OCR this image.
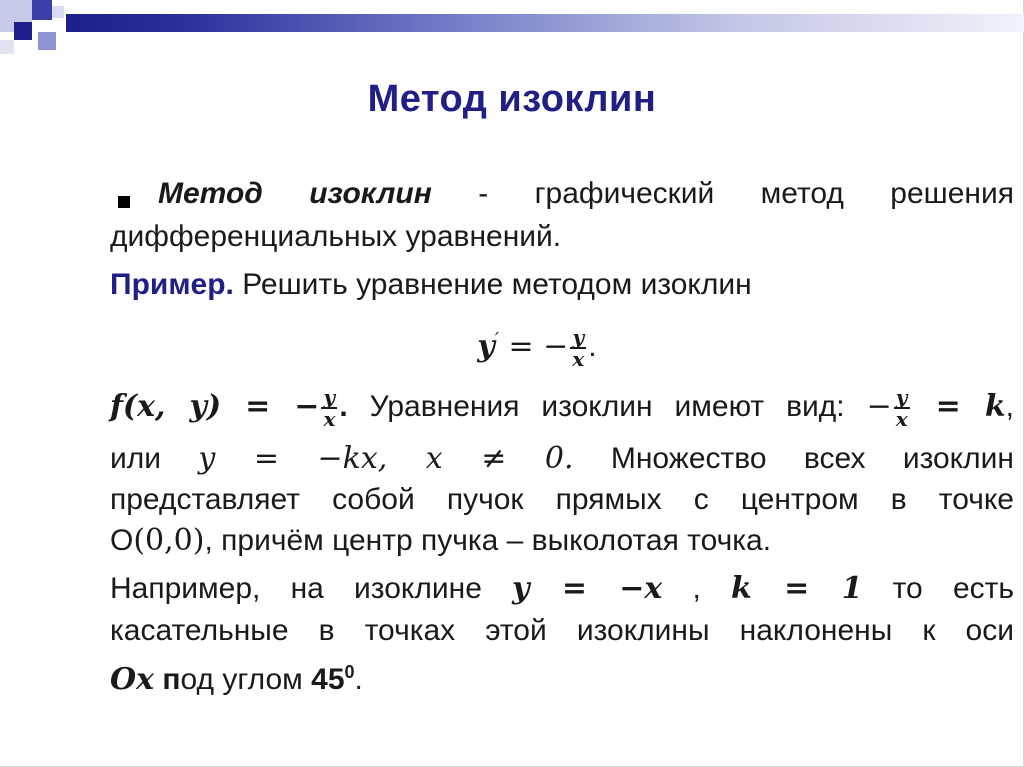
Метод изоклин
Метод изоклин - графический метод решения
дифференциальных уравнений.
Пример. Решить уравнение методом изоклин
y′ = − $\frac{y}{x}$ .
f(x, y) = − $\frac{y}{x}$ . Уравнения изоклин имеют вид: − $\frac{y}{x} = k$,
или y = −kx, x ≠ 0. Множество всех изоклин
представляет собой пучок прямых с центром в точке
О(0,0), причём центр пучка – выколотая точка.
Например, на изоклине y = −x , k = 1 то есть
касательные в точках этой изоклины наклонены к оси
Ox под углом $45^0$.
